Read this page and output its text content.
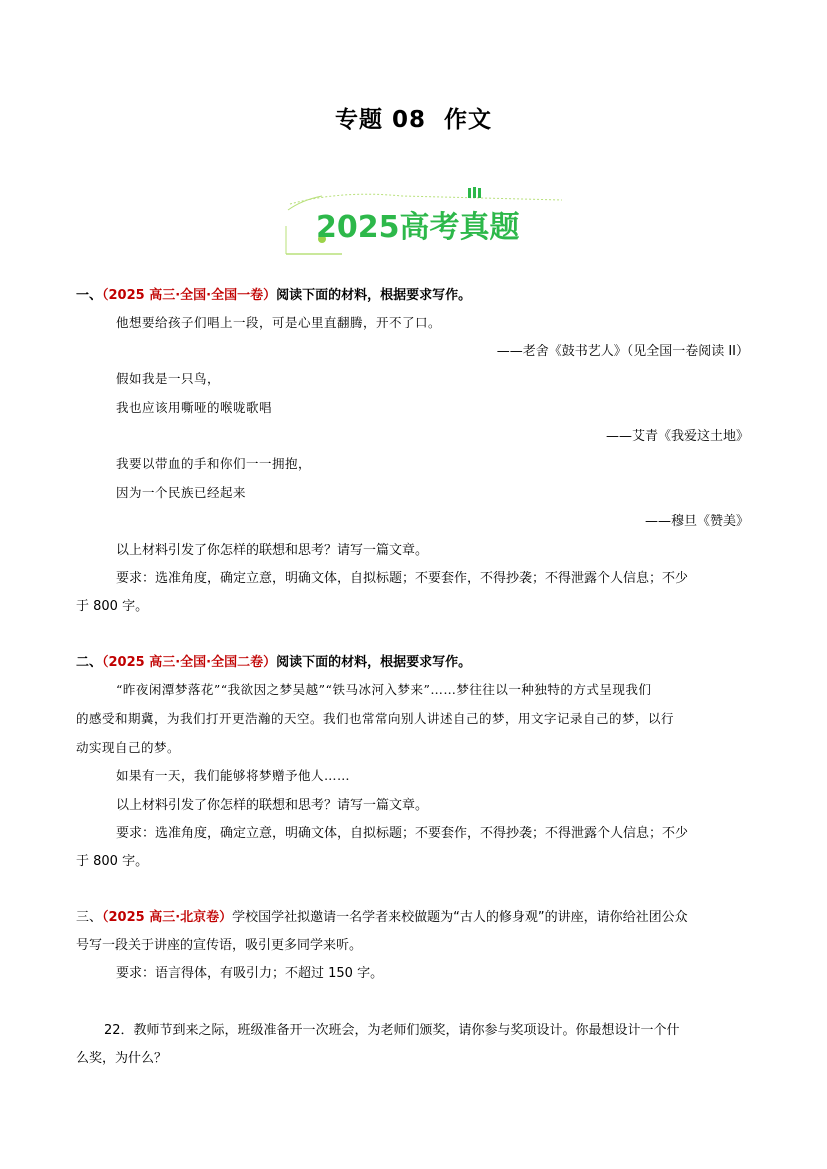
专题 08 作文
2025高考真题
一、（2025 高三·全国·全国一卷）阅读下面的材料，根据要求写作。
他想要给孩子们唱上一段，可是心里直翻腾，开不了口。
——老舍《鼓书艺人》（见全国一卷阅读 II）
假如我是一只鸟，
我也应该用嘶哑的喉咙歌唱
——艾青《我爱这土地》
我要以带血的手和你们一一拥抱，
因为一个民族已经起来
——穆旦《赞美》
以上材料引发了你怎样的联想和思考？请写一篇文章。
要求：选准角度，确定立意，明确文体，自拟标题；不要套作，不得抄袭；不得泄露个人信息；不少
于 800 字。
二、（2025 高三·全国·全国二卷）阅读下面的材料，根据要求写作。
“昨夜闲潭梦落花”“我欲因之梦吴越”“铁马冰河入梦来”……梦往往以一种独特的方式呈现我们
的感受和期冀，为我们打开更浩瀚的天空。我们也常常向别人讲述自己的梦，用文字记录自己的梦，以行
动实现自己的梦。
如果有一天，我们能够将梦赠予他人……
以上材料引发了你怎样的联想和思考？请写一篇文章。
要求：选准角度，确定立意，明确文体，自拟标题；不要套作，不得抄袭；不得泄露个人信息；不少
于 800 字。
三、（2025 高三·北京卷）学校国学社拟邀请一名学者来校做题为“古人的修身观”的讲座，请你给社团公众
号写一段关于讲座的宣传语，吸引更多同学来听。
要求：语言得体，有吸引力；不超过 150 字。
22．教师节到来之际，班级准备开一次班会，为老师们颁奖，请你参与奖项设计。你最想设计一个什
么奖，为什么？
